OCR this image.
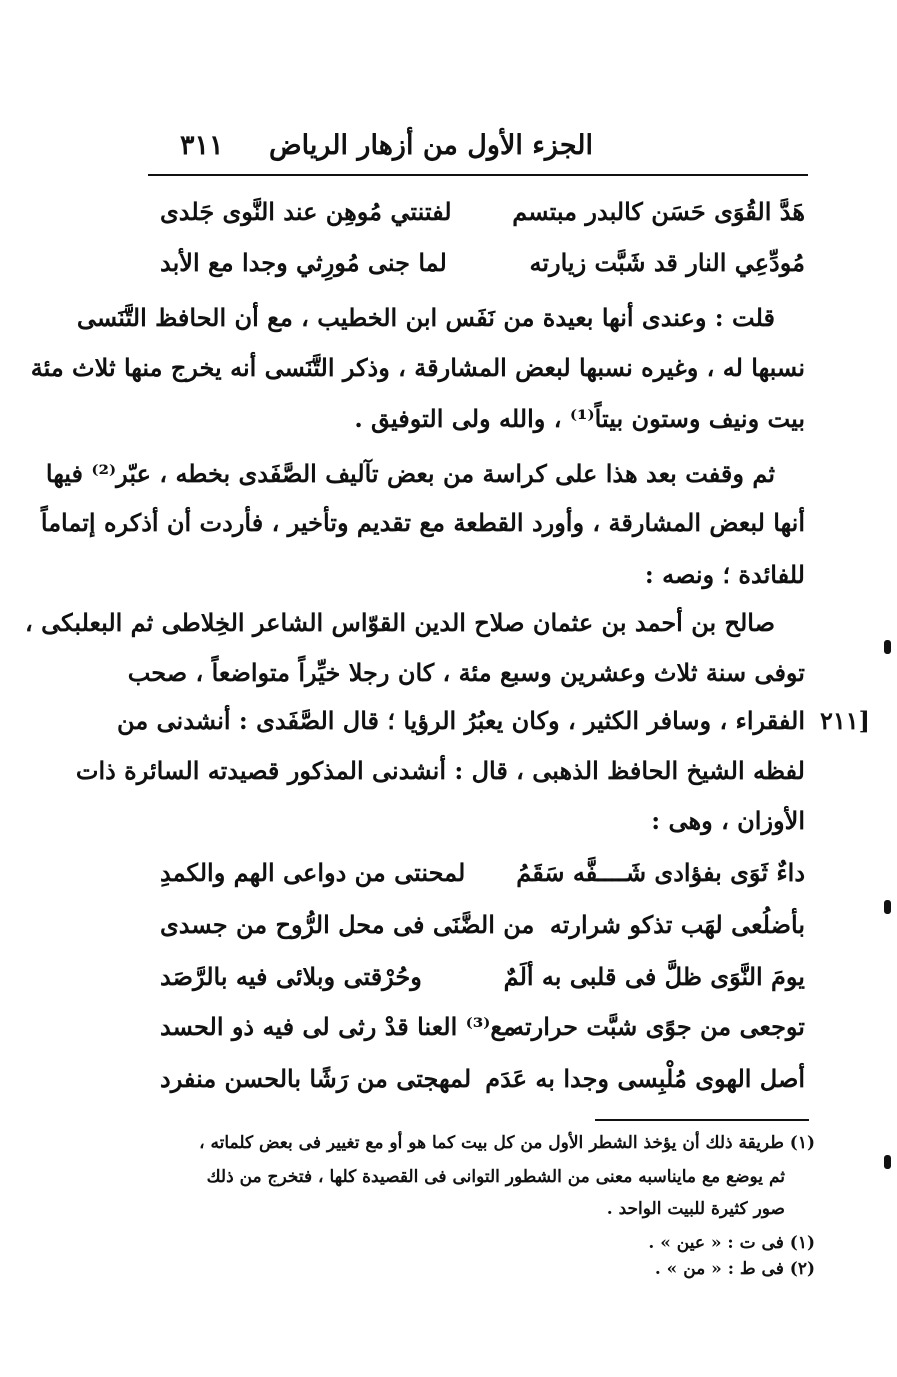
الجزء الأول من أزهار الرياض
٣١١
هَدَّ القُوَى حَسَن كالبدر مبتسم
لفتنتي مُوهِن عند النَّوى جَلدى
مُودِّعِي النار قد شَبَّت زيارته
لما جنى مُورِثي وجدا مع الأبد
قلت : وعندى أنها بعيدة من نَفَس ابن الخطيب ، مع أن الحافظ التَّنَسى
نسبها له ، وغيره نسبها لبعض المشارقة ، وذكر التَّنَسى أنه يخرج منها ثلاث مئة
بيت ونيف وستون بيتاً⁽¹⁾ ، والله ولى التوفيق .
ثم وقفت بعد هذا على كراسة من بعض تآليف الصَّفَدى بخطه ، عبّر⁽²⁾ فيها
أنها لبعض المشارقة ، وأورد القطعة مع تقديم وتأخير ، فأردت أن أذكره إتماماً
للفائدة ؛ ونصه :
صالح بن أحمد بن عثمان صلاح الدين القوّاس الشاعر الخِلاطى ثم البعلبكى ،
توفى سنة ثلاث وعشرين وسبع مئة ، كان رجلا خيِّراً متواضعاً ، صحب
الفقراء ، وسافر الكثير ، وكان يعبُرُ الرؤيا ؛ قال الصَّفَدى : أنشدنى من
لفظه الشيخ الحافظ الذهبى ، قال : أنشدنى المذكور قصيدته السائرة ذات
الأوزان ، وهى :
[٢١١
داءٌ ثَوَى بفؤادى شَــــفَّه سَقَمُ
لمحنتى من دواعى الهم والكمدِ
بأضلُعى لهَب تذكو شرارته
من الضَّنَى فى محل الرُّوح من جسدى
يومَ النَّوَى ظلَّ فى قلبى به ألَمٌ
وحُرْقتى وبلائى فيه بالرَّصَد
توجعى من جوًى شبَّت حرارته
مع⁽³⁾ العنا قدْ رثى لى فيه ذو الحسد
أصل الهوى مُلْبِسى وجدا به عَدَم
لمهجتى من رَشًا بالحسن منفرد
(١) طريقة ذلك أن يؤخذ الشطر الأول من كل بيت كما هو أو مع تغيير فى بعض كلماته ،
ثم يوضع مع مايناسبه معنى من الشطور التوانى فى القصيدة كلها ، فتخرج من ذلك
صور كثيرة للبيت الواحد .
(١) فى ت : « عين » .
(٢) فى ط : « من » .
